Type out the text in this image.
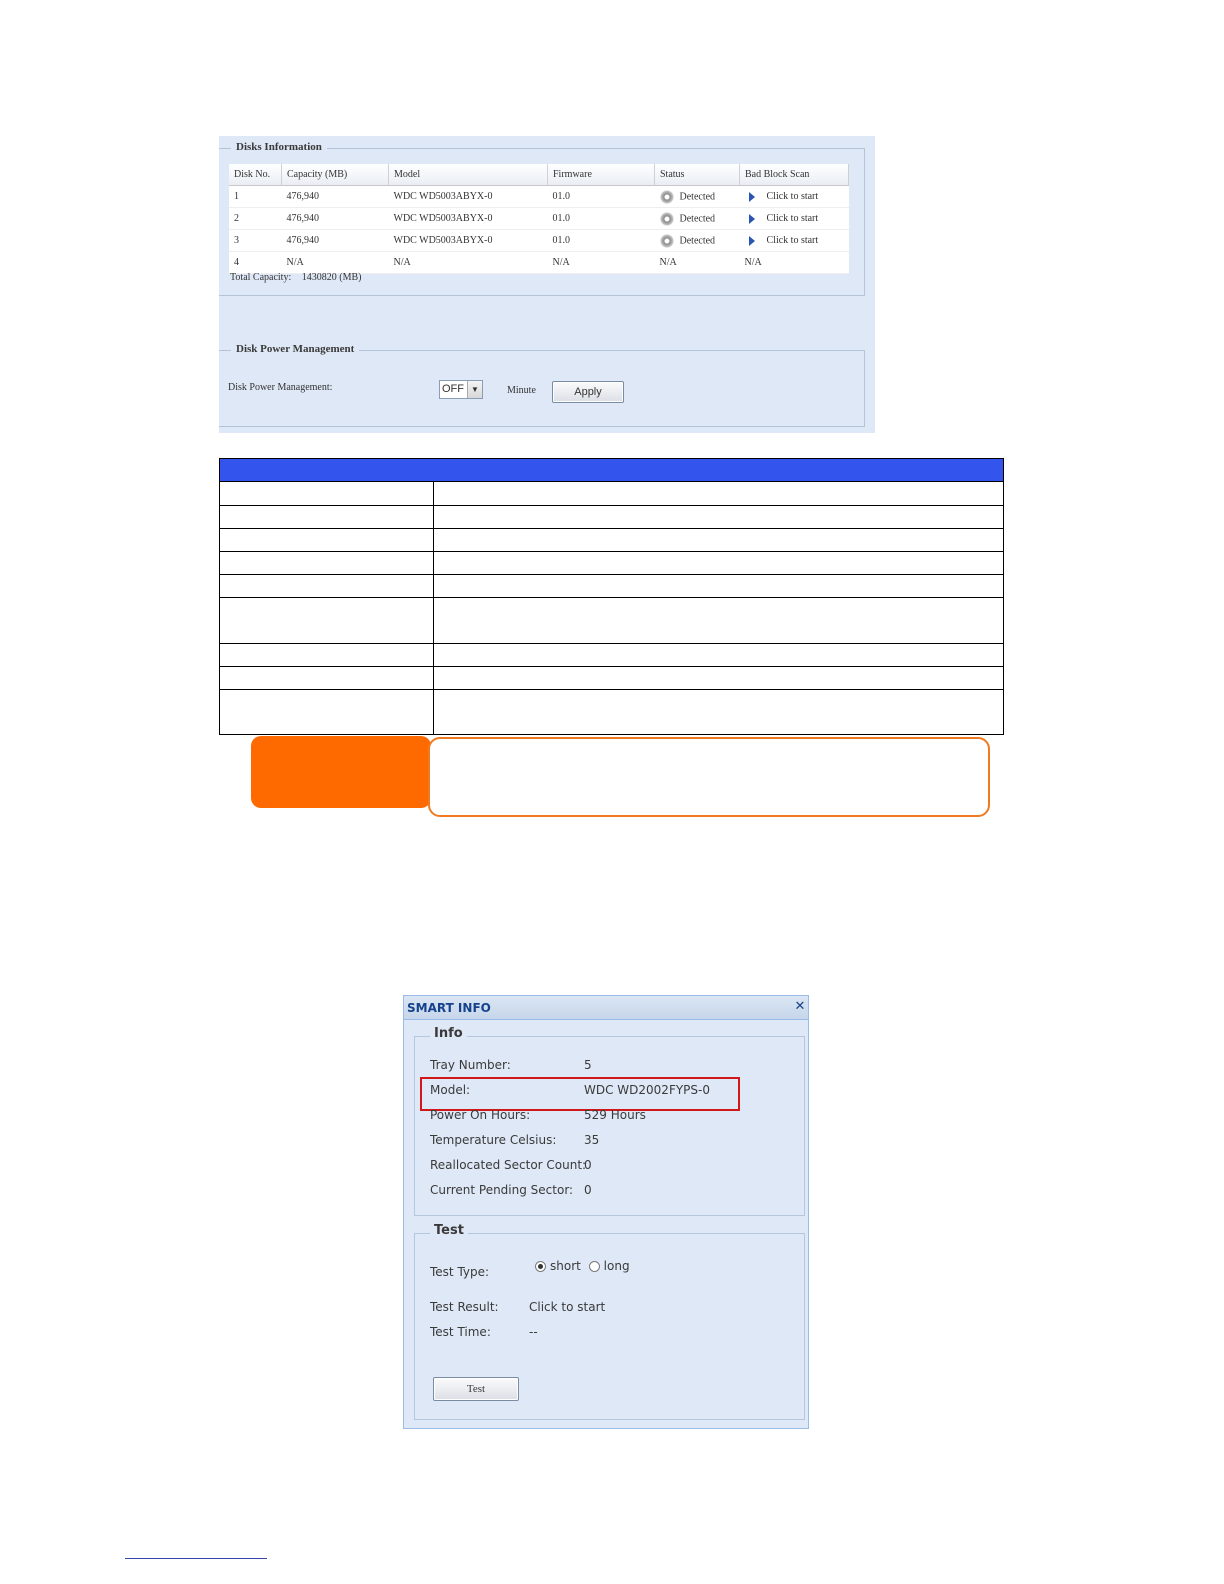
Disks Information
Disk No.	Capacity (MB)	Model	Firmware	Status	Bad Block Scan
1	476,940	WDC WD5003ABYX-0	01.0	Detected	Click to start
2	476,940	WDC WD5003ABYX-0	01.0	Detected	Click to start
3	476,940	WDC WD5003ABYX-0	01.0	Detected	Click to start
4	N/A	N/A	N/A	N/A	N/A
Total Capacity: 1430820 (MB)
Disk Power Management
Disk Power Management:	OFF ▼	Minute	Apply

SMART INFO	✕
Info
Tray Number:	5
Model:	WDC WD2002FYPS-0
Power On Hours:	529 Hours
Temperature Celsius: 35
Reallocated Sector Count:
0
Current Pending Sector: 0
Test
Test Type:	short long
Test Result:	Click to start
Test Time:	--
Test
